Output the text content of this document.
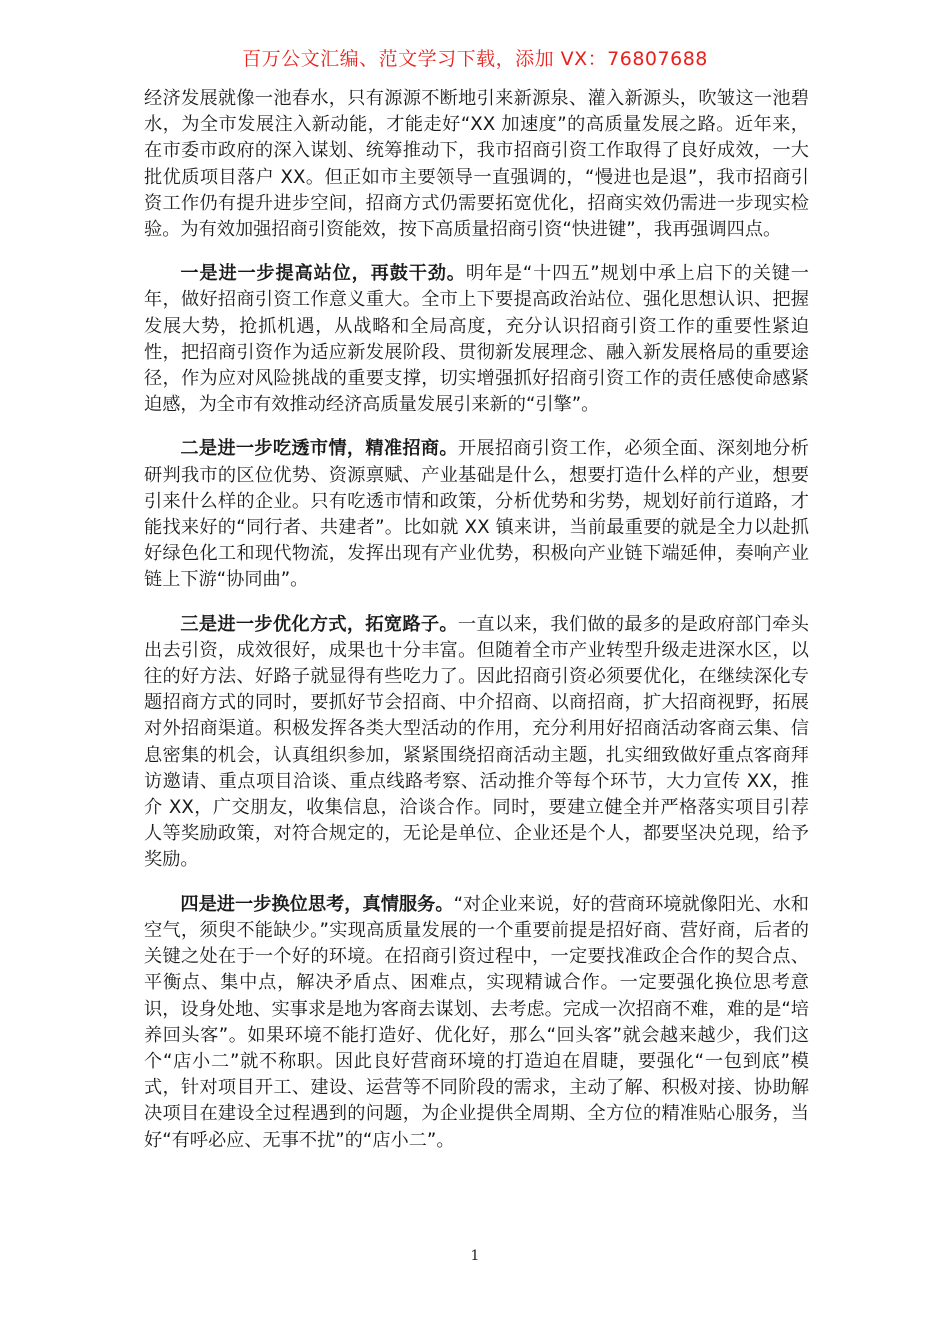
百万公文汇编、范文学习下载，添加 VX：76807688

经济发展就像一池春水，只有源源不断地引来新源泉、灌入新源头，吹皱这一池碧水，为全市发展注入新动能，才能走好“XX 加速度”的高质量发展之路。近年来，在市委市政府的深入谋划、统筹推动下，我市招商引资工作取得了良好成效，一大批优质项目落户 XX。但正如市主要领导一直强调的，“慢进也是退”，我市招商引资工作仍有提升进步空间，招商方式仍需要拓宽优化，招商实效仍需进一步现实检验。为有效加强招商引资能效，按下高质量招商引资“快进键”，我再强调四点。

一是进一步提高站位，再鼓干劲。明年是“十四五”规划中承上启下的关键一年，做好招商引资工作意义重大。全市上下要提高政治站位、强化思想认识、把握发展大势，抢抓机遇，从战略和全局高度，充分认识招商引资工作的重要性紧迫性，把招商引资作为适应新发展阶段、贯彻新发展理念、融入新发展格局的重要途径，作为应对风险挑战的重要支撑，切实增强抓好招商引资工作的责任感使命感紧迫感，为全市有效推动经济高质量发展引来新的“引擎”。

二是进一步吃透市情，精准招商。开展招商引资工作，必须全面、深刻地分析研判我市的区位优势、资源禀赋、产业基础是什么，想要打造什么样的产业，想要引来什么样的企业。只有吃透市情和政策，分析优势和劣势，规划好前行道路，才能找来好的“同行者、共建者”。比如就 XX 镇来讲，当前最重要的就是全力以赴抓好绿色化工和现代物流，发挥出现有产业优势，积极向产业链下端延伸，奏响产业链上下游“协同曲”。

三是进一步优化方式，拓宽路子。一直以来，我们做的最多的是政府部门牵头出去引资，成效很好，成果也十分丰富。但随着全市产业转型升级走进深水区，以往的好方法、好路子就显得有些吃力了。因此招商引资必须要优化，在继续深化专题招商方式的同时，要抓好节会招商、中介招商、以商招商，扩大招商视野，拓展对外招商渠道。积极发挥各类大型活动的作用，充分利用好招商活动客商云集、信息密集的机会，认真组织参加，紧紧围绕招商活动主题，扎实细致做好重点客商拜访邀请、重点项目洽谈、重点线路考察、活动推介等每个环节，大力宣传 XX，推介 XX，广交朋友，收集信息，洽谈合作。同时，要建立健全并严格落实项目引荐人等奖励政策，对符合规定的，无论是单位、企业还是个人，都要坚决兑现，给予奖励。

四是进一步换位思考，真情服务。“对企业来说，好的营商环境就像阳光、水和空气，须臾不能缺少。”实现高质量发展的一个重要前提是招好商、营好商，后者的关键之处在于一个好的环境。在招商引资过程中，一定要找准政企合作的契合点、平衡点、集中点，解决矛盾点、困难点，实现精诚合作。一定要强化换位思考意识，设身处地、实事求是地为客商去谋划、去考虑。完成一次招商不难，难的是“培养回头客”。如果环境不能打造好、优化好，那么“回头客”就会越来越少，我们这个“店小二”就不称职。因此良好营商环境的打造迫在眉睫，要强化“一包到底”模式，针对项目开工、建设、运营等不同阶段的需求，主动了解、积极对接、协助解决项目在建设全过程遇到的问题，为企业提供全周期、全方位的精准贴心服务，当好“有呼必应、无事不扰”的“店小二”。

1
